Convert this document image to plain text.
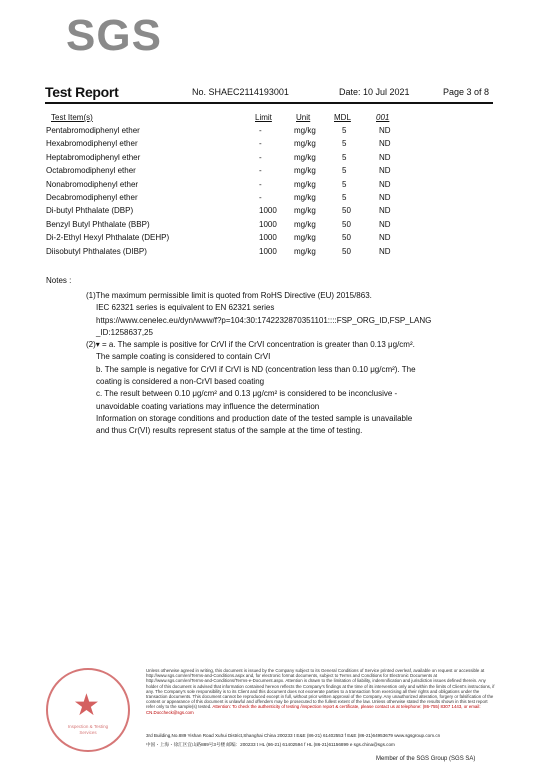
SGS
Test Report	No. SHAEC2114193001	Date: 10 Jul 2021	Page 3 of 8
Test Item(s)	Limit	Unit	MDL	001
Pentabromodiphenyl ether	-	mg/kg	5	ND
Hexabromodiphenyl ether	-	mg/kg	5	ND
Heptabromodiphenyl ether	-	mg/kg	5	ND
Octabromodiphenyl ether	-	mg/kg	5	ND
Nonabromodiphenyl ether	-	mg/kg	5	ND
Decabromodiphenyl ether	-	mg/kg	5	ND
Di-butyl Phthalate (DBP)	1000 mg/kg	50	ND
Benzyl Butyl Phthalate (BBP)	1000 mg/kg	50	ND
Di-2-Ethyl Hexyl Phthalate (DEHP)	1000 mg/kg	50	ND
Diisobutyl Phthalates (DIBP)	1000 mg/kg	50	ND
Notes :

(1)The maximum permissible limit is quoted from RoHS Directive (EU) 2015/863.

IEC 62321 series is equivalent to EN 62321 series

https://www.cenelec.eu/dyn/www/f?p=104:30:1742232870351101::::FSP_ORG_ID,FSP_LANG

_ID:1258637,25

(2)▾ = a. The sample is positive for CrVI if the CrVI concentration is greater than 0.13 μg/cm².

The sample coating is considered to contain CrVI

b. The sample is negative for CrVI if CrVI is ND (concentration less than 0.10 μg/cm²). The

coating is considered a non-CrVI based coating

c. The result between 0.10 μg/cm² and 0.13 μg/cm² is considered to be inconclusive -

unavoidable coating variations may influence the determination

Information on storage conditions and production date of the tested sample is unavailable

and thus Cr(VI) results represent status of the sample at the time of testing.

★
Inspection & Testing Services
Unless otherwise agreed in writing, this document is issued by the Company subject to its General Conditions of Service printed overleaf, available on request or accessible at http://www.sgs.com/en/Terms-and-Conditions.aspx and, for electronic format documents, subject to Terms and Conditions for Electronic Documents at http://www.sgs.com/en/Terms-and-Conditions/Terms-e-Document.aspx. Attention is drawn to the limitation of liability, indemnification and jurisdiction issues defined therein. Any holder of this document is advised that information contained hereon reflects the Company's findings at the time of its intervention only and within the limits of Client's instructions, if any. The Company's sole responsibility is to its Client and this document does not exonerate parties to a transaction from exercising all their rights and obligations under the transaction documents. This document cannot be reproduced except in full, without prior written approval of the Company. Any unauthorized alteration, forgery or falsification of the content or appearance of this document is unlawful and offenders may be prosecuted to the fullest extent of the law. Unless otherwise stated the results shown in this test report refer only to the sample(s) tested. Attention: To check the authenticity of testing /inspection report & certificate, please contact us at telephone: (86-755) 8307 1443, or email: CN.Doccheck@sgs.com
3rd Building,No.889 Yishan Road Xuhui District,Shanghai China 200233 t E&E (86-21) 61402553 f E&E (86-21)64953679 www.sgsgroup.com.cn
中国・上海・徐汇区宜山路889号3号楼 邮编：200233 t HL (86-21) 61402594 f HL (86-21)61156899 e sgs.china@sgs.com
Member of the SGS Group (SGS SA)
